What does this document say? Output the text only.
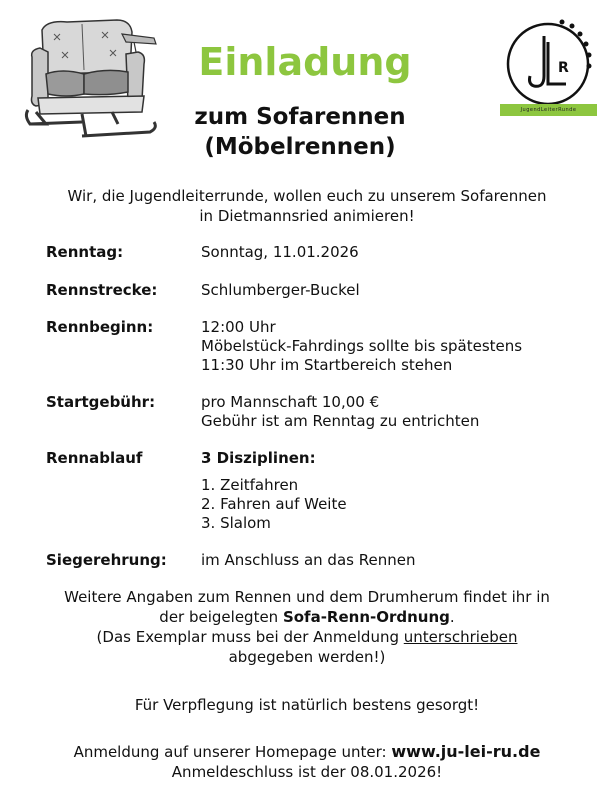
R
JugendLeiterRunde
Einladung
zum Sofarennen
(Möbelrennen)
Wir, die Jugendleiterrunde, wollen euch zu unserem Sofarennen
in Dietmannsried animieren!
Renntag:	Sonntag, 11.01.2026
Rennstrecke:	Schlumberger-Buckel
Rennbeginn:	12:00 Uhr
Möbelstück-Fahrdings sollte bis spätestens
11:30 Uhr im Startbereich stehen
Startgebühr:	pro Mannschaft 10,00 €
Gebühr ist am Renntag zu entrichten
Rennablauf	3 Disziplinen:
1. Zeitfahren
2. Fahren auf Weite
3. Slalom
Siegerehrung: im Anschluss an das Rennen
Weitere Angaben zum Rennen und dem Drumherum findet ihr in
der beigelegten Sofa-Renn-Ordnung.
(Das Exemplar muss bei der Anmeldung unterschrieben
abgegeben werden!)
Für Verpflegung ist natürlich bestens gesorgt!
Anmeldung auf unserer Homepage unter: www.ju-lei-ru.de
Anmeldeschluss ist der 08.01.2026!
